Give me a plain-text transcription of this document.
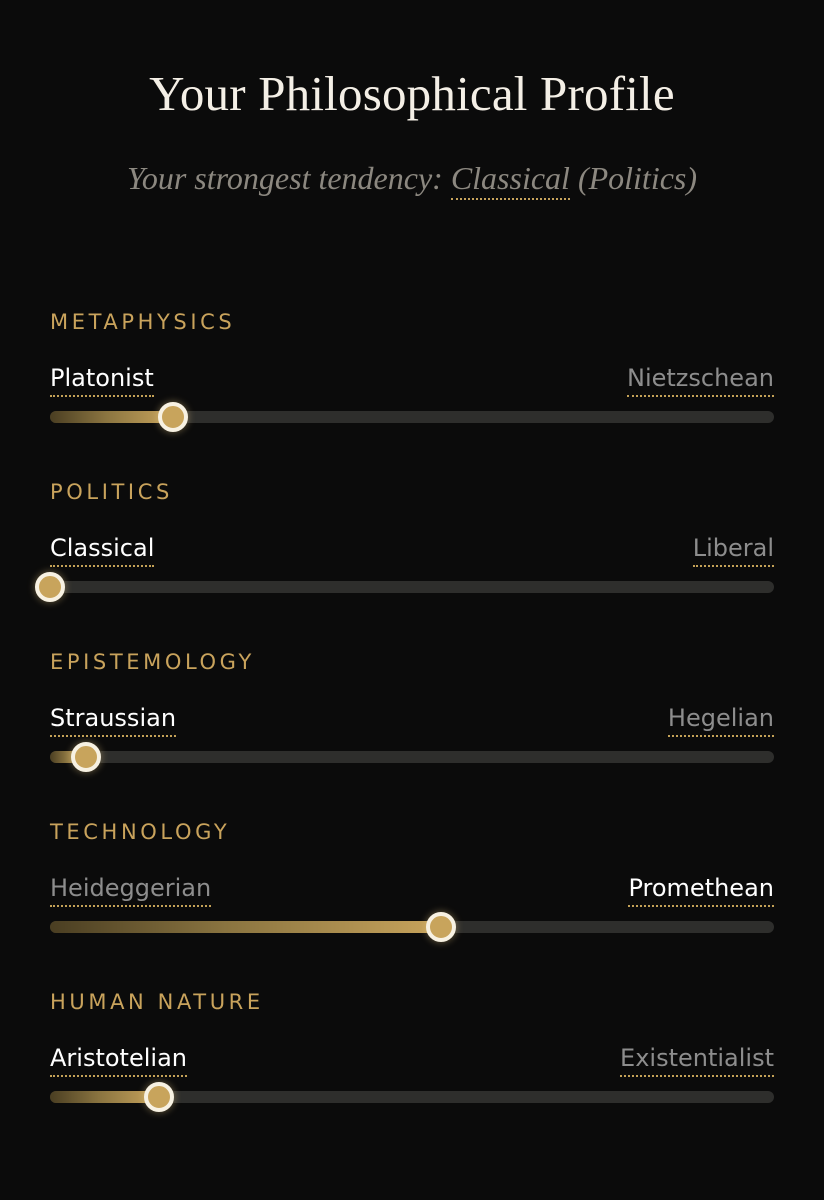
Your Philosophical Profile
Your strongest tendency: Classical (Politics)
METAPHYSICS
Platonist	Nietzschean
POLITICS
Classical	Liberal
EPISTEMOLOGY
Straussian	Hegelian
TECHNOLOGY
Heideggerian	Promethean
HUMAN NATURE
Aristotelian	Existentialist
